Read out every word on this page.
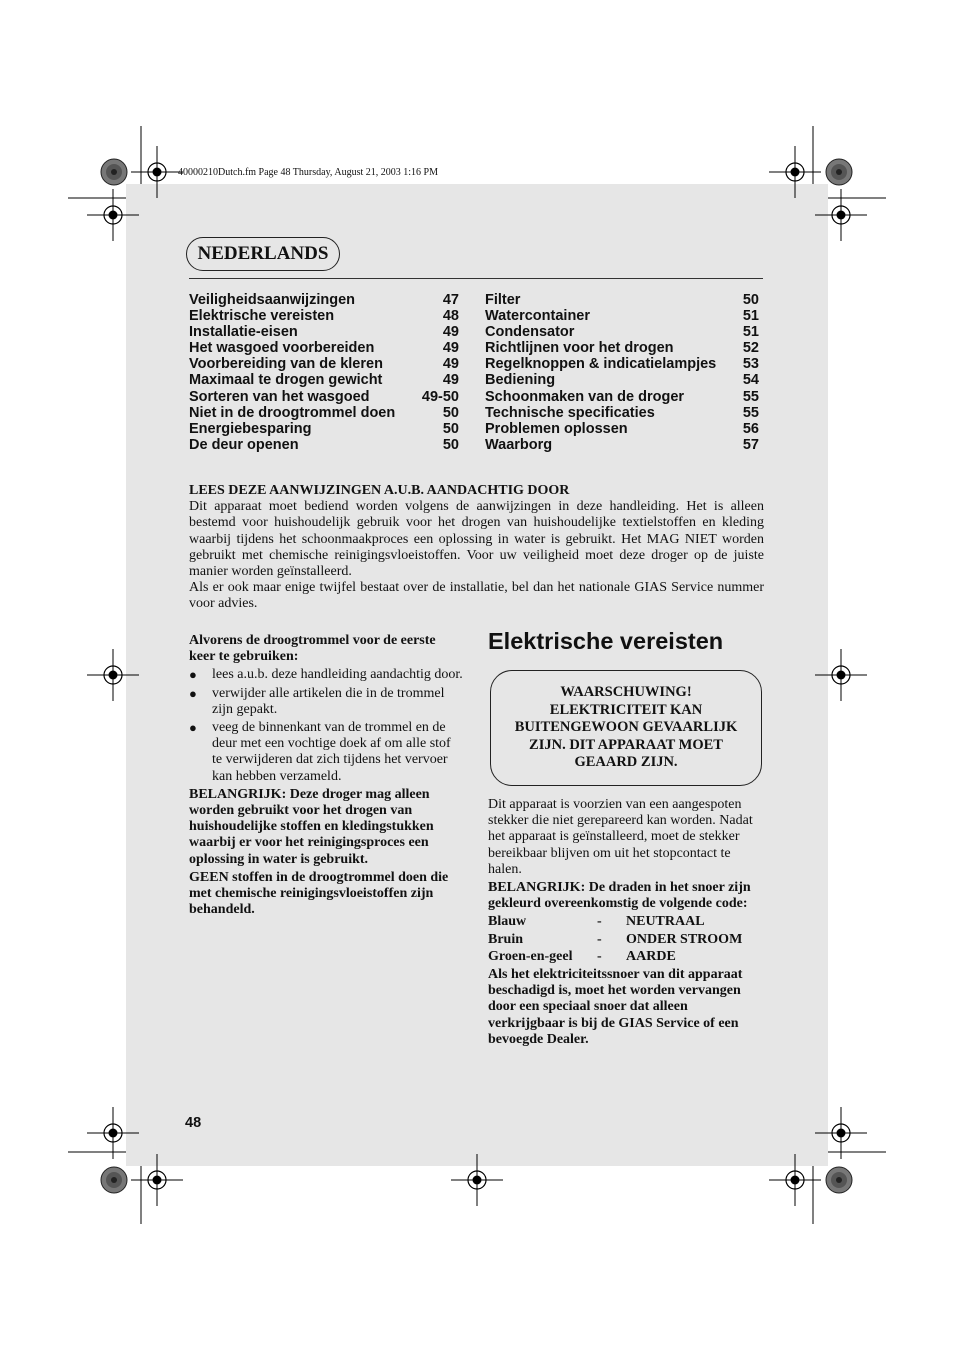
40000210Dutch.fm Page 48 Thursday, August 21, 2003 1:16 PM
NEDERLANDS
Veiligheidsaanwijzingen	47
Elektrische vereisten	48
Installatie-eisen	49
Het wasgoed voorbereiden	49
Voorbereiding van de kleren	49
Maximaal te drogen gewicht	49
Sorteren van het wasgoed	49-50
Niet in de droogtrommel doen	50
Energiebesparing	50
De deur openen	50
Filter	50
Watercontainer	51
Condensator	51
Richtlijnen voor het drogen	52
Regelknoppen & indicatielampjes 53
Bediening	54
Schoonmaken van de droger	55
Technische specificaties	55
Problemen oplossen	56
Waarborg	57
LEES DEZE AANWIJZINGEN A.U.B. AANDACHTIG DOOR

Dit apparaat moet bediend worden volgens de aanwijzingen in deze handleiding. Het is alleen bestemd voor huishoudelijk gebruik voor het drogen van huishoudelijke textielstoffen en kleding waarbij tijdens het schoonmaakproces een oplossing in water is gebruikt. Het MAG NIET worden gebruikt met chemische reinigingsvloeistoffen. Voor uw veiligheid moet deze droger op de juiste manier worden geïnstalleerd.

Als er ook maar enige twijfel bestaat over de installatie, bel dan het nationale GIAS Service nummer voor advies.

Alvorens de droogtrommel voor de eerste keer te gebruiken:
●	lees a.u.b. deze handleiding aandachtig door.
●	verwijder alle artikelen die in de trommel zijn gepakt.
●	veeg de binnenkant van de trommel en de deur met een vochtige doek af om alle stof te verwijderen dat zich tijdens het vervoer kan hebben verzameld.
BELANGRIJK: Deze droger mag alleen worden gebruikt voor het drogen van huishoudelijke stoffen en kledingstukken waarbij er voor het reinigingsproces een oplossing in water is gebruikt.
GEEN stoffen in de droogtrommel doen die met chemische reinigingsvloeistoffen zijn behandeld.
Elektrische vereisten
WAARSCHUWING! ELEKTRICITEIT KAN BUITENGEWOON GEVAARLIJK ZIJN. DIT APPARAAT MOET GEAARD ZIJN.

Dit apparaat is voorzien van een aangespoten stekker die niet gerepareerd kan worden. Nadat het apparaat is geïnstalleerd, moet de stekker bereikbaar blijven om uit het stopcontact te halen.

BELANGRIJK: De draden in het snoer zijn gekleurd overeenkomstig de volgende code:

Blauw	-	NEUTRAAL
Bruin	-	ONDER STROOM
Groen-en-geel	-	AARDE

Als het elektriciteitssnoer van dit apparaat beschadigd is, moet het worden vervangen door een speciaal snoer dat alleen verkrijgbaar is bij de GIAS Service of een bevoegde Dealer.

48
